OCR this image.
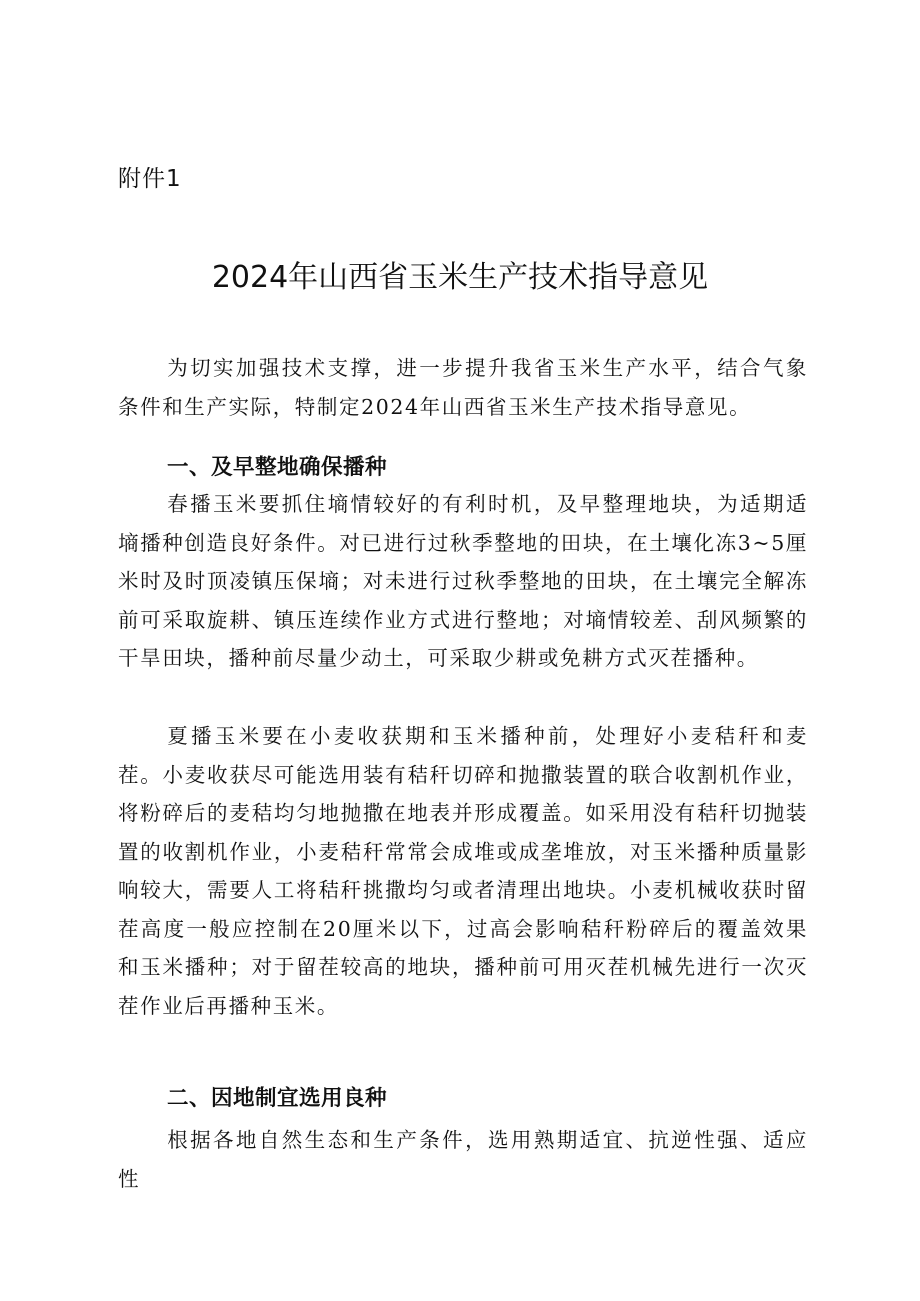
附件1
2024年山西省玉米生产技术指导意见

为切实加强技术支撑，进一步提升我省玉米生产水平，结合气象条件和生产实际，特制定2024年山西省玉米生产技术指导意见。

一、及早整地确保播种

春播玉米要抓住墒情较好的有利时机，及早整理地块，为适期适墒播种创造良好条件。对已进行过秋季整地的田块，在土壤化冻3~5厘米时及时顶凌镇压保墒；对未进行过秋季整地的田块，在土壤完全解冻前可采取旋耕、镇压连续作业方式进行整地；对墒情较差、刮风频繁的干旱田块，播种前尽量少动土，可采取少耕或免耕方式灭茬播种。

夏播玉米要在小麦收获期和玉米播种前，处理好小麦秸秆和麦茬。小麦收获尽可能选用装有秸秆切碎和抛撒装置的联合收割机作业，将粉碎后的麦秸均匀地抛撒在地表并形成覆盖。如采用没有秸秆切抛装置的收割机作业，小麦秸秆常常会成堆或成垄堆放，对玉米播种质量影响较大，需要人工将秸秆挑撒均匀或者清理出地块。小麦机械收获时留茬高度一般应控制在20厘米以下，过高会影响秸秆粉碎后的覆盖效果和玉米播种；对于留茬较高的地块，播种前可用灭茬机械先进行一次灭茬作业后再播种玉米。

二、因地制宜选用良种

根据各地自然生态和生产条件，选用熟期适宜、抗逆性强、适应性
